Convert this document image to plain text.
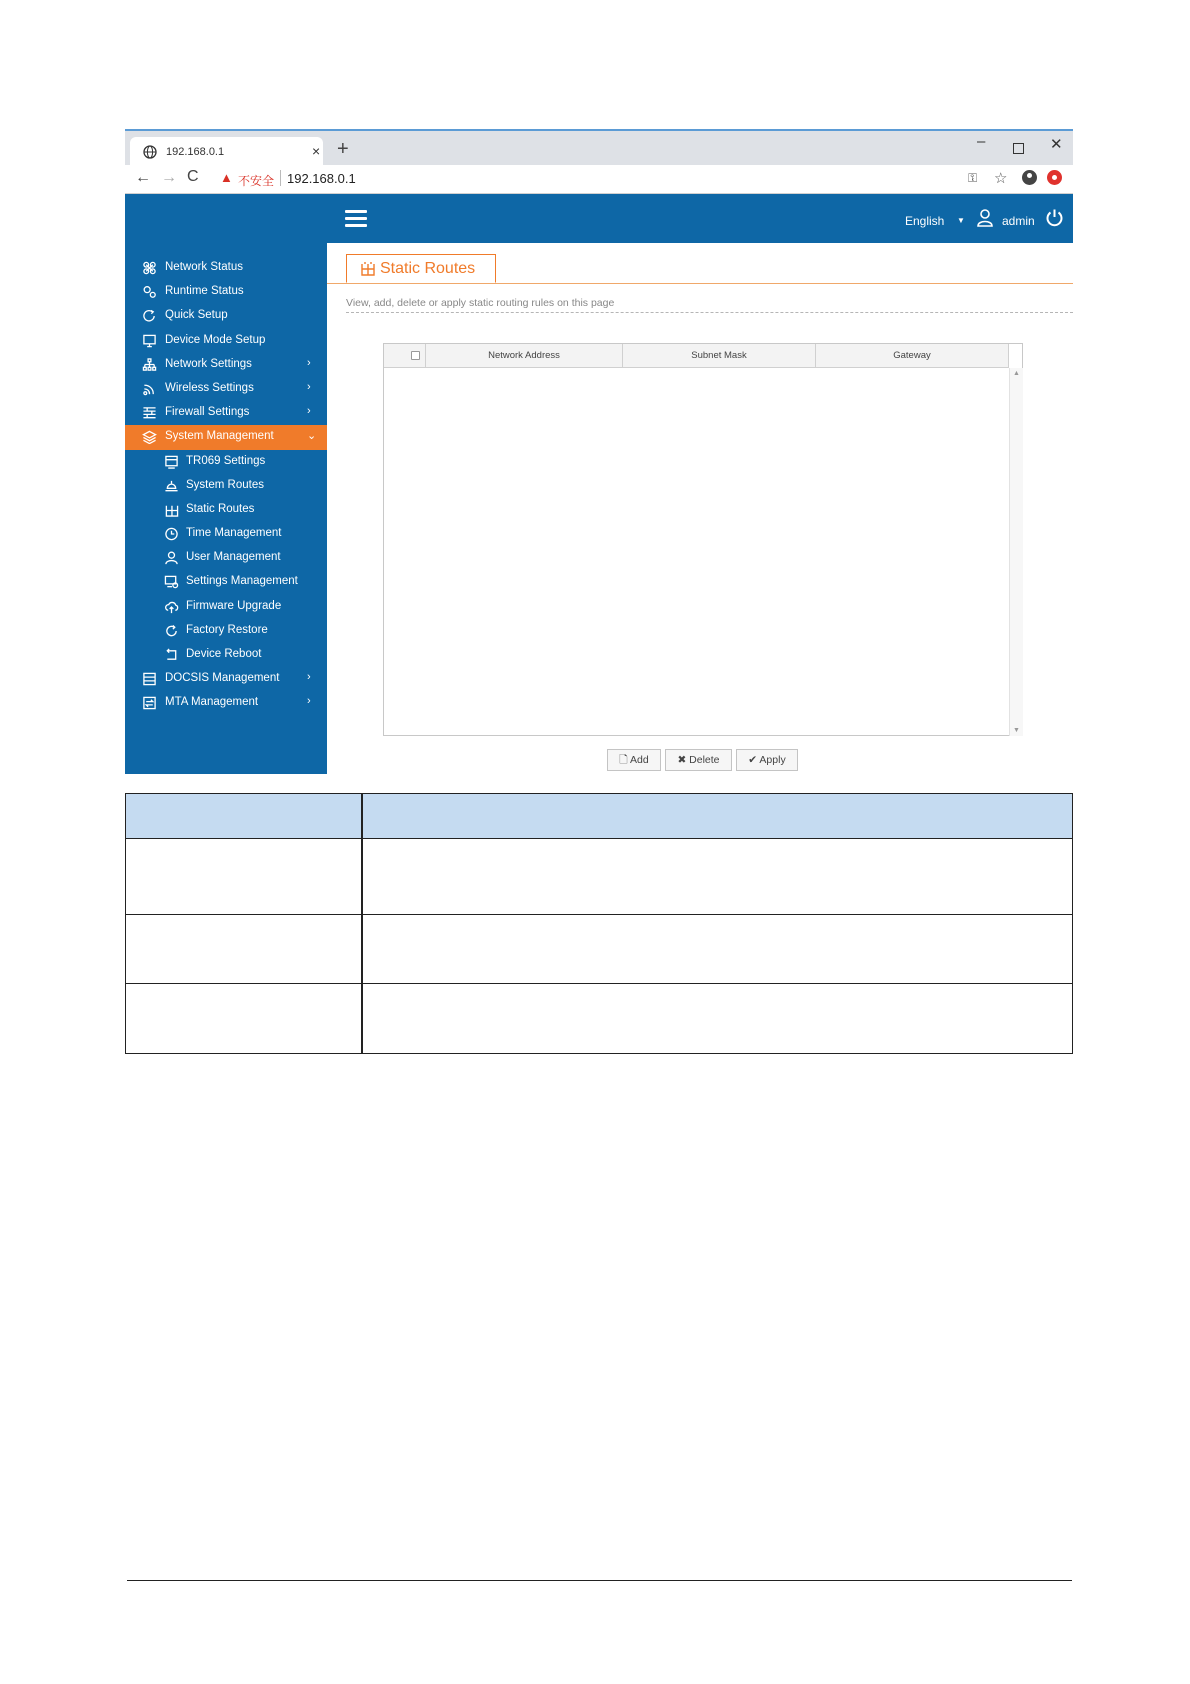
192.168.0.1	× +	–	✕
← → C ▲ 不安全 192.168.0.1	⚿ ☆
English ▼	admin
Network Status
Runtime Status
Quick Setup
Device Mode Setup
Network Settings	›
Wireless Settings	›
Firewall Settings	›
System Management	⌄
TR069 Settings
System Routes
Static Routes
Time Management
User Management
Settings Management
Firmware Upgrade
Factory Restore
Device Reboot
DOCSIS Management	›
MTA Management	›
Static Routes
View, add, delete or apply static routing rules on this page
Network Address	Subnet Mask	Gateway
▲
▼
🗋 Add	✖ Delete	✔ Apply
